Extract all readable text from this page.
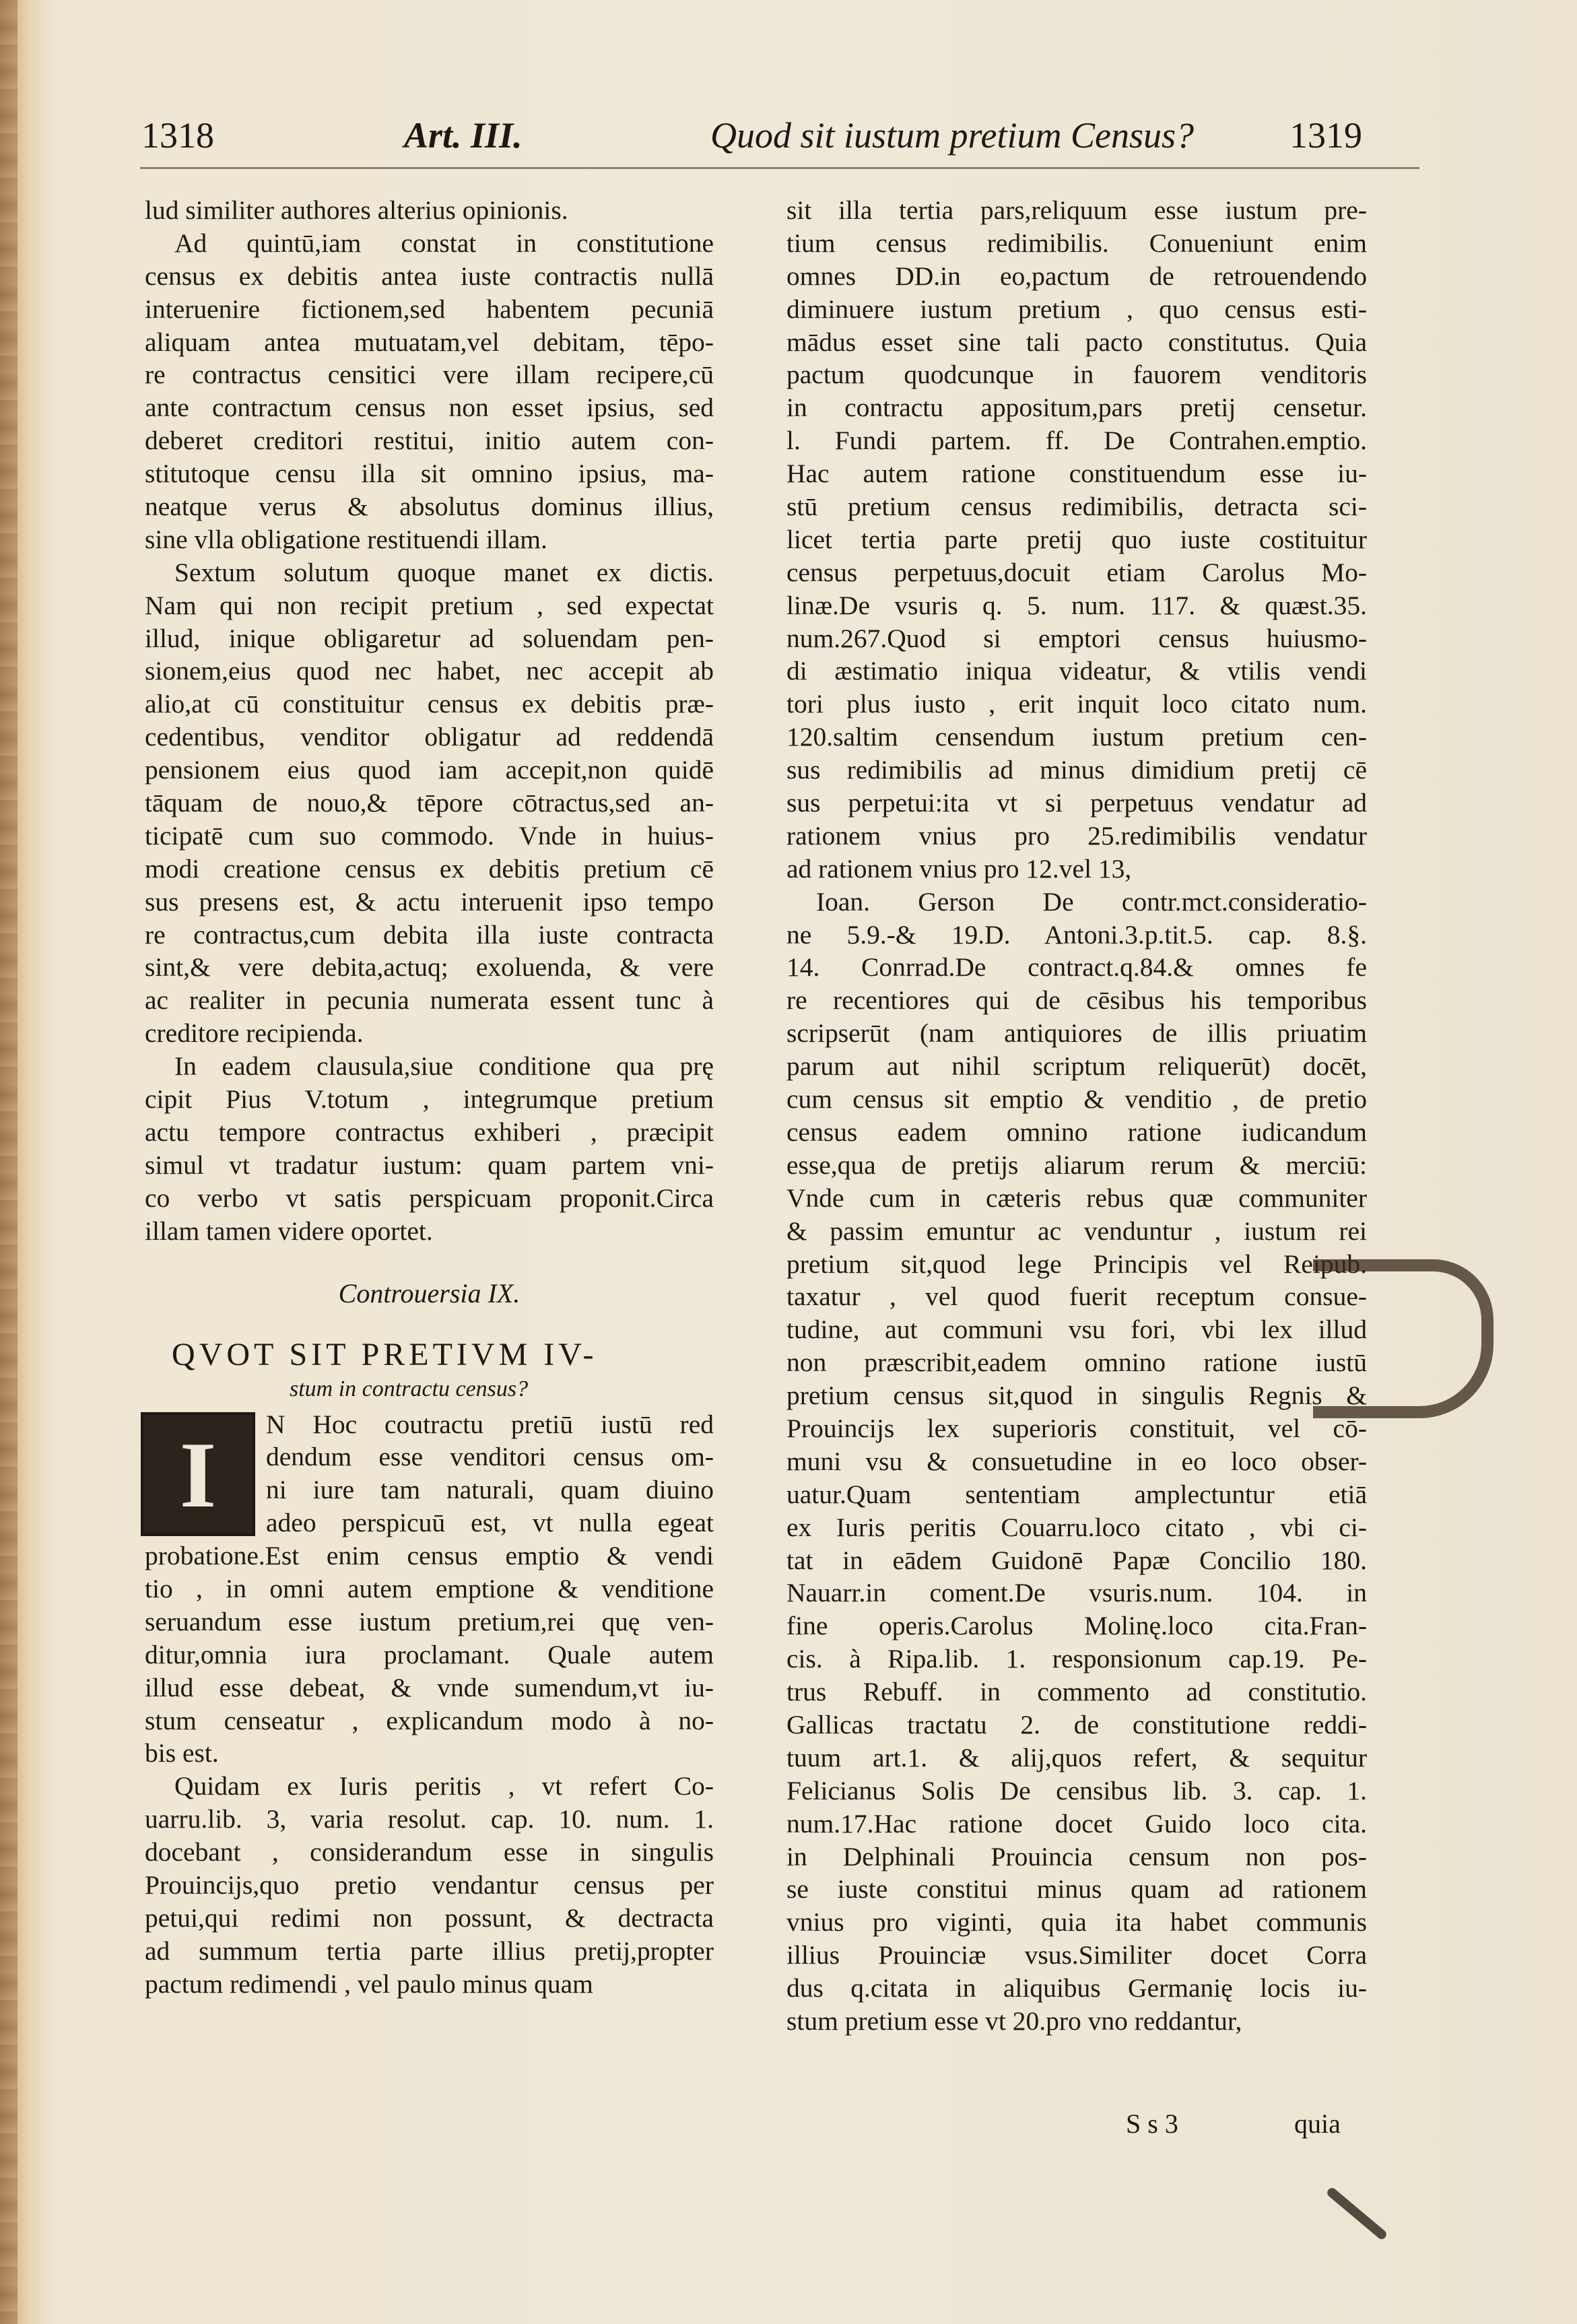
1318	Art. III.	Quod sit iustum pretium Census?	1319
lud similiter authores alterius opinionis.
Ad quintū,iam constat in constitutione
census ex debitis antea iuste contractis nullā
interuenire fictionem,sed habentem pecuniā
aliquam antea mutuatam,vel debitam, tēpo-
re contractus censitici vere illam recipere,cū
ante contractum census non esset ipsius, sed
deberet creditori restitui, initio autem con-
stitutoque censu illa sit omnino ipsius, ma-
neatque verus & absolutus dominus illius,
sine vlla obligatione restituendi illam.
Sextum solutum quoque manet ex dictis.
Nam qui non recipit pretium , sed expectat
illud, inique obligaretur ad soluendam pen-
sionem,eius quod nec habet, nec accepit ab
alio,at cū constituitur census ex debitis præ-
cedentibus, venditor obligatur ad reddendā
pensionem eius quod iam accepit,non quidē
tāquam de nouo,& tēpore cōtractus,sed an-
ticipatē cum suo commodo. Vnde in huius-
modi creatione census ex debitis pretium cē
sus presens est, & actu interuenit ipso tempo
re contractus,cum debita illa iuste contracta
sint,& vere debita,actuq; exoluenda, & vere
ac realiter in pecunia numerata essent tunc à
creditore recipienda.
In eadem clausula,siue conditione qua prę
cipit Pius V.totum , integrumque pretium
actu tempore contractus exhiberi , præcipit
simul vt tradatur iustum: quam partem vni-
co verbo vt satis perspicuam proponit.Circa
illam tamen videre oportet.
Controuersia IX.
QVOT SIT PRETIVM IV-
stum in contractu census?
I	N Hoc coutractu pretiū iustū red
dendum esse venditori census om-
ni iure tam naturali, quam diuino
adeo perspicuū est, vt nulla egeat
probatione.Est enim census emptio & vendi
tio , in omni autem emptione & venditione
seruandum esse iustum pretium,rei quę ven-
ditur,omnia iura proclamant. Quale autem
illud esse debeat, & vnde sumendum,vt iu-
stum censeatur , explicandum modo à no-
bis est.
Quidam ex Iuris peritis , vt refert Co-
uarru.lib. 3, varia resolut. cap. 10. num. 1.
docebant , considerandum esse in singulis
Prouincijs,quo pretio vendantur census per
petui,qui redimi non possunt, & dectracta
ad summum tertia parte illius pretij,propter
pactum redimendi , vel paulo minus quam
sit illa tertia pars,reliquum esse iustum pre-
tium census redimibilis. Conueniunt enim
omnes DD.in eo,pactum de retrouendendo
diminuere iustum pretium , quo census esti-
mādus esset sine tali pacto constitutus. Quia
pactum quodcunque in fauorem venditoris
in contractu appositum,pars pretij censetur.
l. Fundi partem. ff. De Contrahen.emptio.
Hac autem ratione constituendum esse iu-
stū pretium census redimibilis, detracta sci-
licet tertia parte pretij quo iuste costituitur
census perpetuus,docuit etiam Carolus Mo-
linæ.De vsuris q. 5. num. 117. & quæst.35.
num.267.Quod si emptori census huiusmo-
di æstimatio iniqua videatur, & vtilis vendi
tori plus iusto , erit inquit loco citato num.
120.saltim censendum iustum pretium cen-
sus redimibilis ad minus dimidium pretij cē
sus perpetui:ita vt si perpetuus vendatur ad
rationem vnius pro 25.redimibilis vendatur
ad rationem vnius pro 12.vel 13,
Ioan. Gerson De contr.mct.consideratio-
ne 5.9.-& 19.D. Antoni.3.p.tit.5. cap. 8.§.
14. Conrrad.De contract.q.84.& omnes fe
re recentiores qui de cēsibus his temporibus
scripserūt (nam antiquiores de illis priuatim
parum aut nihil scriptum reliquerūt) docēt,
cum census sit emptio & venditio , de pretio
census eadem omnino ratione iudicandum
esse,qua de pretijs aliarum rerum & merciū:
Vnde cum in cæteris rebus quæ communiter
& passim emuntur ac venduntur , iustum rei
pretium sit,quod lege Principis vel Reipub.
taxatur , vel quod fuerit receptum consue-
tudine, aut communi vsu fori, vbi lex illud
non præscribit,eadem omnino ratione iustū
pretium census sit,quod in singulis Regnis &
Prouincijs lex superioris constituit, vel cō-
muni vsu & consuetudine in eo loco obser-
uatur.Quam sententiam amplectuntur etiā
ex Iuris peritis Couarru.loco citato , vbi ci-
tat in eādem Guidonē Papæ Concilio 180.
Nauarr.in coment.De vsuris.num. 104. in
fine operis.Carolus Molinę.loco cita.Fran-
cis. à Ripa.lib. 1. responsionum cap.19. Pe-
trus Rebuff. in commento ad constitutio.
Gallicas tractatu 2. de constitutione reddi-
tuum art.1. & alij,quos refert, & sequitur
Felicianus Solis De censibus lib. 3. cap. 1.
num.17.Hac ratione docet Guido loco cita.
in Delphinali Prouincia censum non pos-
se iuste constitui minus quam ad rationem
vnius pro viginti, quia ita habet communis
illius Prouinciæ vsus.Similiter docet Corra
dus q.citata in aliquibus Germanię locis iu-
stum pretium esse vt 20.pro vno reddantur,
S s 3	quia
